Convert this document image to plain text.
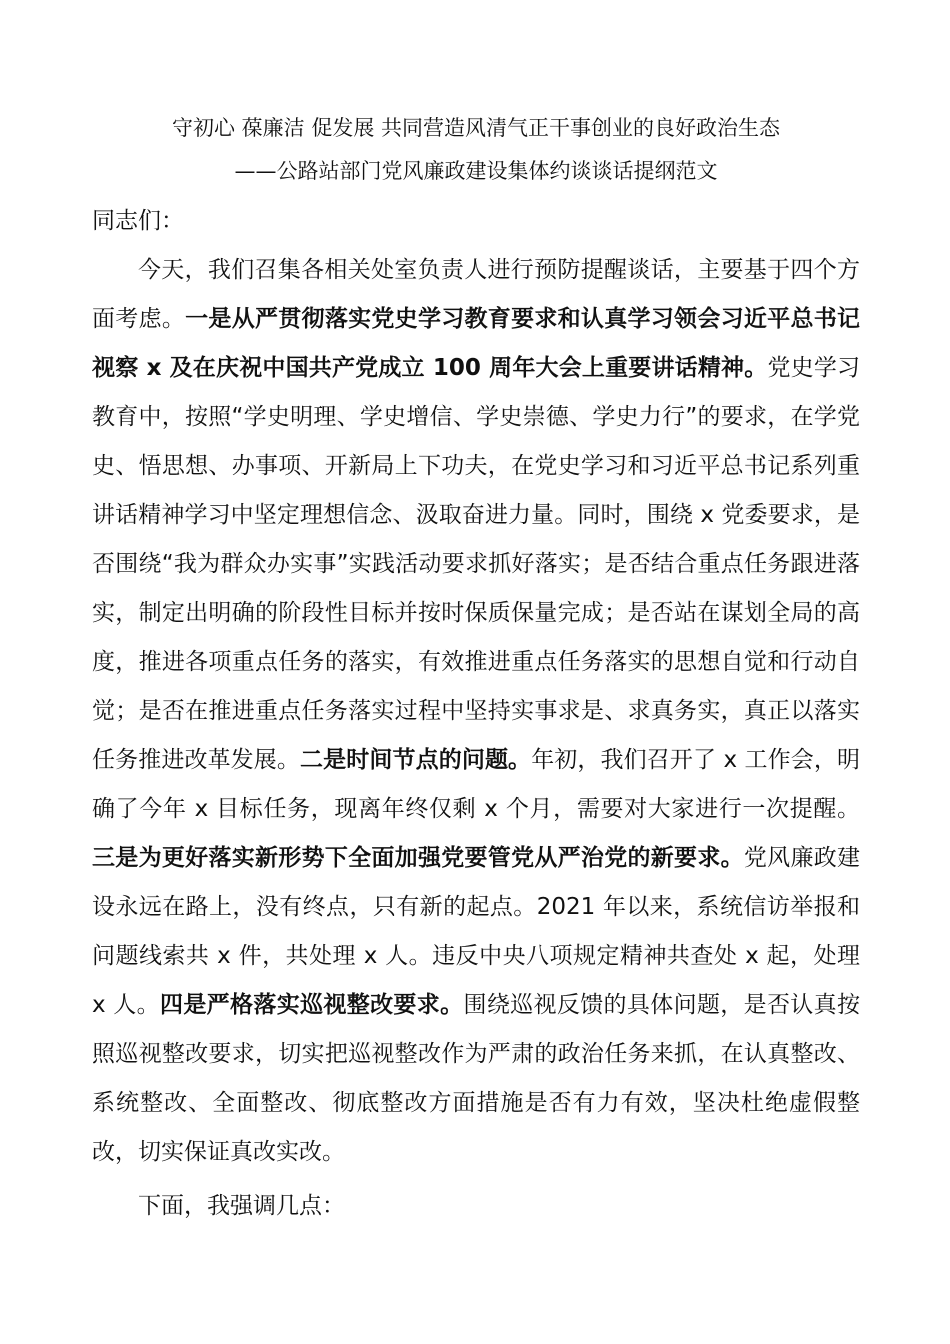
守初心 葆廉洁 促发展 共同营造风清气正干事创业的良好政治生态
——公路站部门党风廉政建设集体约谈谈话提纲范文

同志们：

今天，我们召集各相关处室负责人进行预防提醒谈话，主要基于四个方面考虑。一是从严贯彻落实党史学习教育要求和认真学习领会习近平总书记视察 x 及在庆祝中国共产党成立 100 周年大会上重要讲话精神。党史学习教育中，按照“学史明理、学史增信、学史崇德、学史力行”的要求，在学党史、悟思想、办事项、开新局上下功夫，在党史学习和习近平总书记系列重讲话精神学习中坚定理想信念、汲取奋进力量。同时，围绕 x 党委要求，是否围绕“我为群众办实事”实践活动要求抓好落实；是否结合重点任务跟进落实，制定出明确的阶段性目标并按时保质保量完成；是否站在谋划全局的高度，推进各项重点任务的落实，有效推进重点任务落实的思想自觉和行动自觉；是否在推进重点任务落实过程中坚持实事求是、求真务实，真正以落实任务推进改革发展。二是时间节点的问题。年初，我们召开了 x 工作会，明确了今年 x 目标任务，现离年终仅剩 x 个月，需要对大家进行一次提醒。三是为更好落实新形势下全面加强党要管党从严治党的新要求。党风廉政建设永远在路上，没有终点，只有新的起点。2021 年以来，系统信访举报和问题线索共 x 件，共处理 x 人。违反中央八项规定精神共查处 x 起，处理 x 人。四是严格落实巡视整改要求。围绕巡视反馈的具体问题，是否认真按照巡视整改要求，切实把巡视整改作为严肃的政治任务来抓，在认真整改、系统整改、全面整改、彻底整改方面措施是否有力有效，坚决杜绝虚假整改，切实保证真改实改。

下面，我强调几点：
